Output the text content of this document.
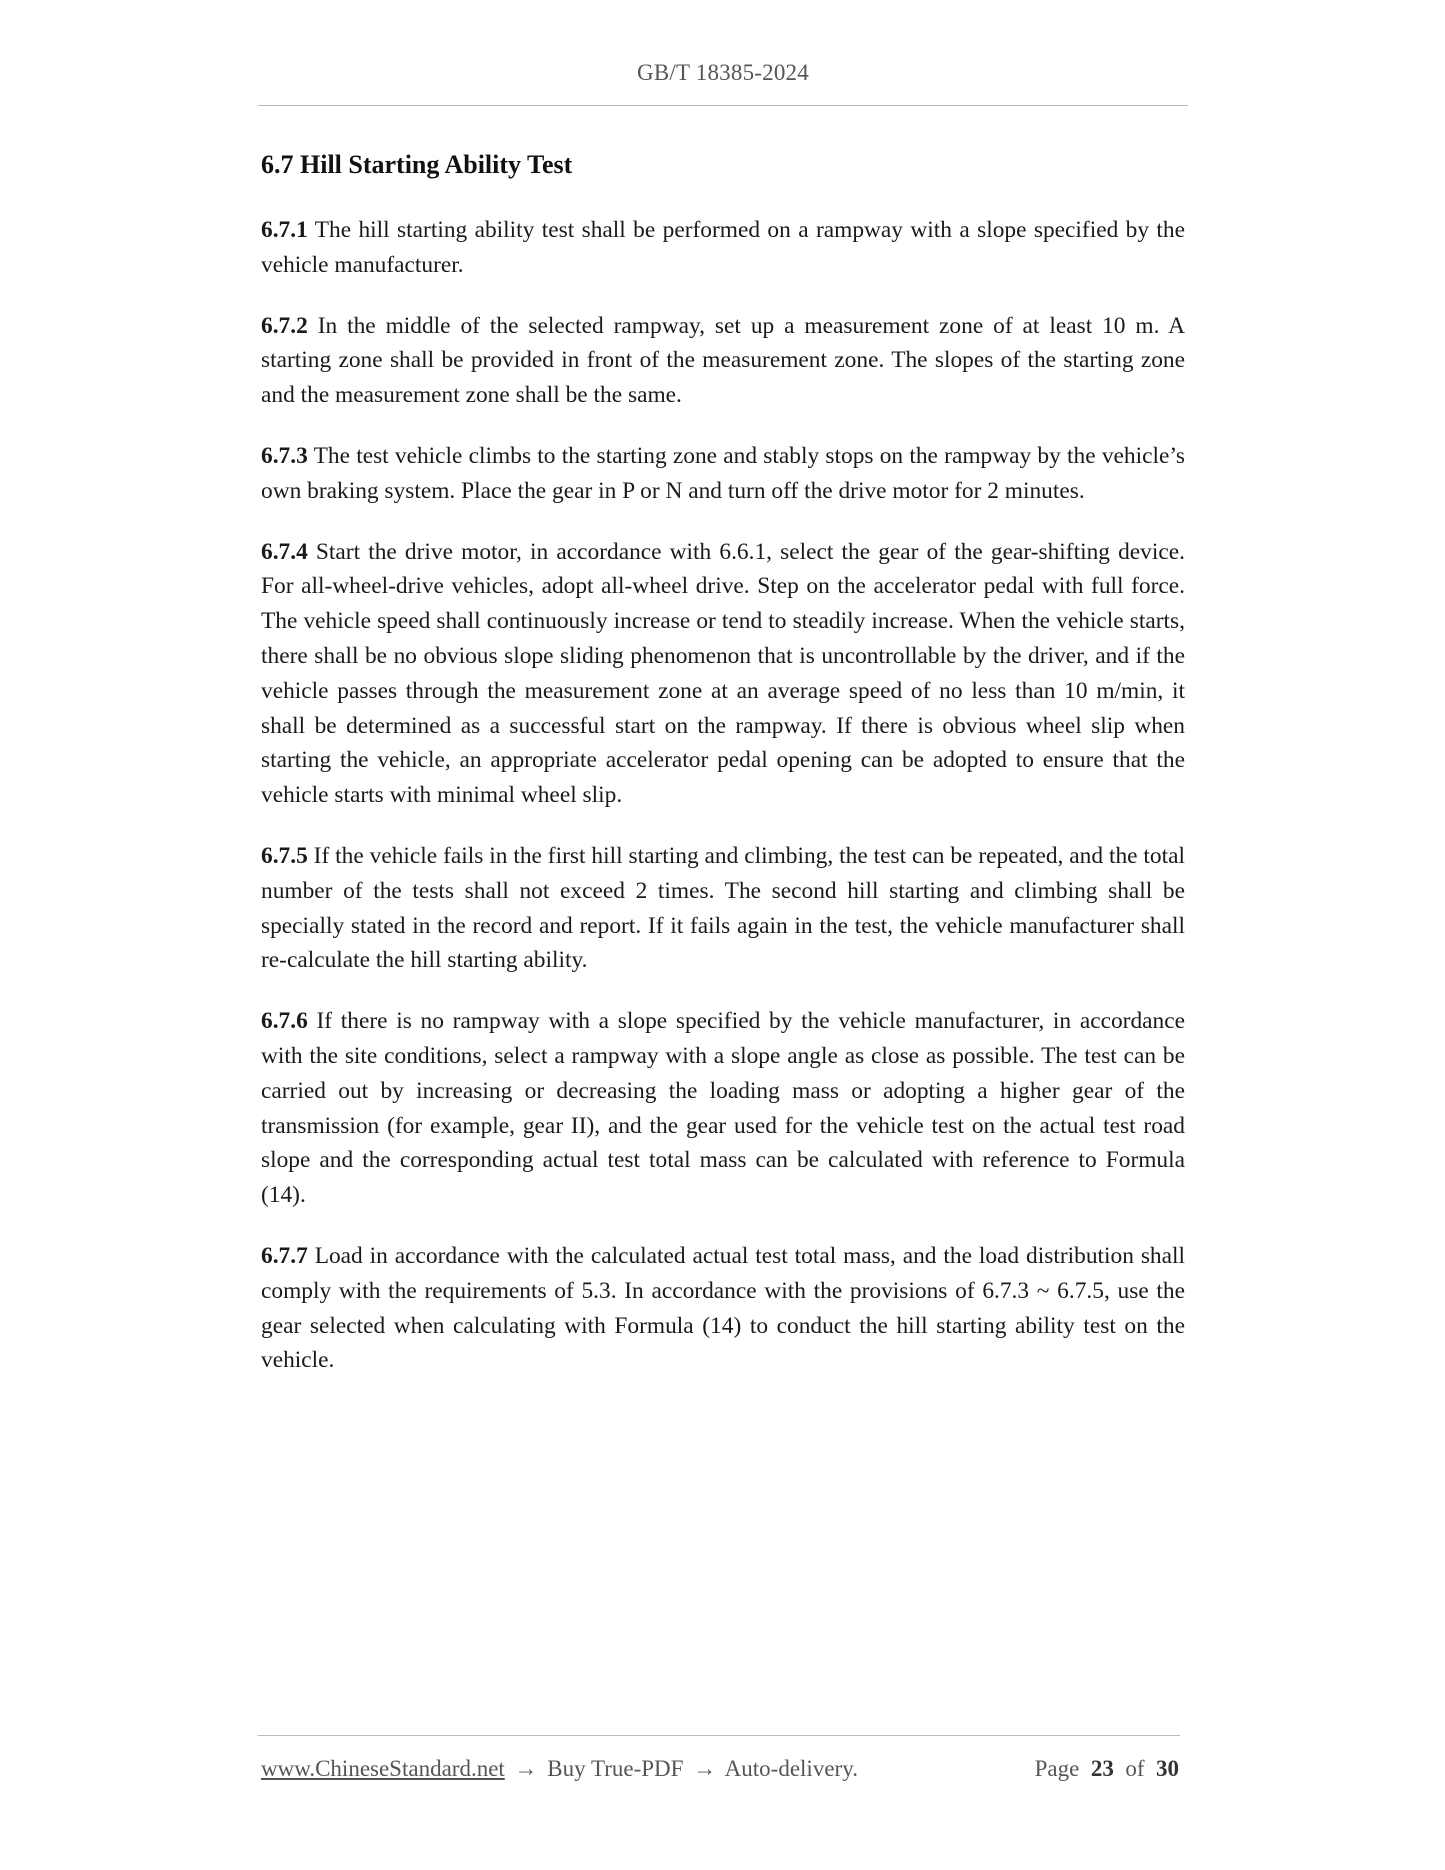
GB/T 18385-2024
6.7 Hill Starting Ability Test

6.7.1 The hill starting ability test shall be performed on a rampway with a slope specified by the vehicle manufacturer.

6.7.2 In the middle of the selected rampway, set up a measurement zone of at least 10 m. A starting zone shall be provided in front of the measurement zone. The slopes of the starting zone and the measurement zone shall be the same.

6.7.3 The test vehicle climbs to the starting zone and stably stops on the rampway by the vehicle’s own braking system. Place the gear in P or N and turn off the drive motor for 2 minutes.

6.7.4 Start the drive motor, in accordance with 6.6.1, select the gear of the gear-shifting device. For all-wheel-drive vehicles, adopt all-wheel drive. Step on the accelerator pedal with full force. The vehicle speed shall continuously increase or tend to steadily increase. When the vehicle starts, there shall be no obvious slope sliding phenomenon that is uncontrollable by the driver, and if the vehicle passes through the measurement zone at an average speed of no less than 10 m/min, it shall be determined as a successful start on the rampway. If there is obvious wheel slip when starting the vehicle, an appropriate accelerator pedal opening can be adopted to ensure that the vehicle starts with minimal wheel slip.

6.7.5 If the vehicle fails in the first hill starting and climbing, the test can be repeated, and the total number of the tests shall not exceed 2 times. The second hill starting and climbing shall be specially stated in the record and report. If it fails again in the test, the vehicle manufacturer shall re-calculate the hill starting ability.

6.7.6 If there is no rampway with a slope specified by the vehicle manufacturer, in accordance with the site conditions, select a rampway with a slope angle as close as possible. The test can be carried out by increasing or decreasing the loading mass or adopting a higher gear of the transmission (for example, gear II), and the gear used for the vehicle test on the actual test road slope and the corresponding actual test total mass can be calculated with reference to Formula (14).

6.7.7 Load in accordance with the calculated actual test total mass, and the load distribution shall comply with the requirements of 5.3. In accordance with the provisions of 6.7.3 ~ 6.7.5, use the gear selected when calculating with Formula (14) to conduct the hill starting ability test on the vehicle.

www.ChineseStandard.net → Buy True-PDF → Auto-delivery.	Page 23 of 30
